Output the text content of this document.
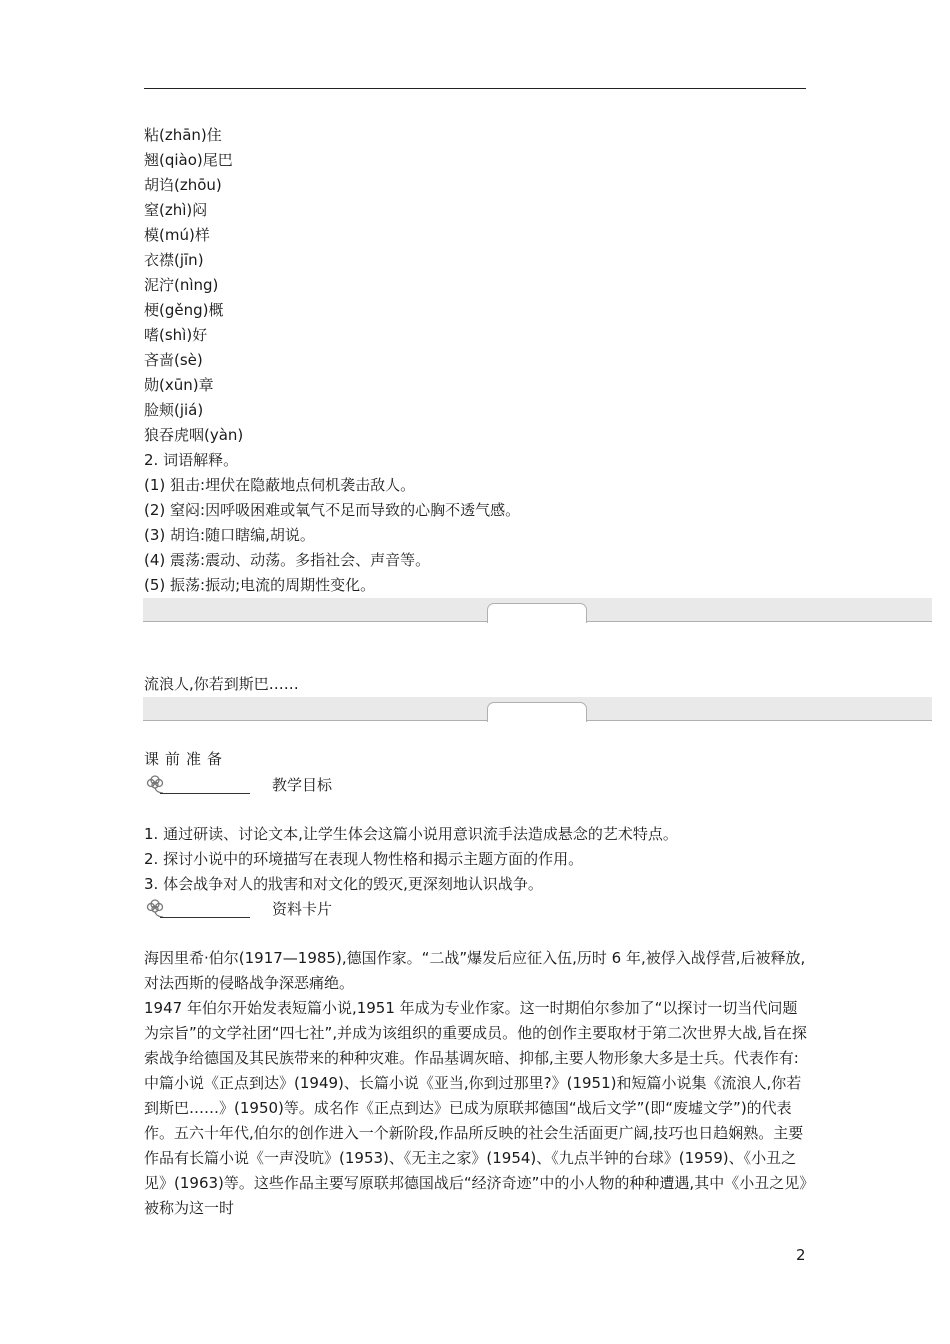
粘(zhān)住
翘(qiào)尾巴
胡诌(zhōu)
窒(zhì)闷
模(mú)样
衣襟(jīn)
泥泞(nìng)
梗(gěng)概
嗜(shì)好
吝啬(sè)
勋(xūn)章
脸颊(jiá)
狼吞虎咽(yàn)
2. 词语解释。
(1) 狙击:埋伏在隐蔽地点伺机袭击敌人。
(2) 窒闷:因呼吸困难或氧气不足而导致的心胸不透气感。
(3) 胡诌:随口瞎编,胡说。
(4) 震荡:震动、动荡。多指社会、声音等。
(5) 振荡:振动;电流的周期性变化。
流浪人,你若到斯巴……
课前准备
教学目标
1. 通过研读、讨论文本,让学生体会这篇小说用意识流手法造成悬念的艺术特点。
2. 探讨小说中的环境描写在表现人物性格和揭示主题方面的作用。
3. 体会战争对人的戕害和对文化的毁灭,更深刻地认识战争。
资料卡片
海因里希·伯尔(1917—1985),德国作家。“二战”爆发后应征入伍,历时 6 年,被俘入战俘营,后被释放,对法西斯的侵略战争深恶痛绝。
1947 年伯尔开始发表短篇小说,1951 年成为专业作家。这一时期伯尔参加了“以探讨一切当代问题为宗旨”的文学社团“四七社”,并成为该组织的重要成员。他的创作主要取材于第二次世界大战,旨在探索战争给德国及其民族带来的种种灾难。作品基调灰暗、抑郁,主要人物形象大多是士兵。代表作有:中篇小说《正点到达》(1949)、长篇小说《亚当,你到过那里?》(1951)和短篇小说集《流浪人,你若到斯巴……》(1950)等。成名作《正点到达》已成为原联邦德国“战后文学”(即“废墟文学”)的代表作。五六十年代,伯尔的创作进入一个新阶段,作品所反映的社会生活面更广阔,技巧也日趋娴熟。主要作品有长篇小说《一声没吭》(1953)、《无主之家》(1954)、《九点半钟的台球》(1959)、《小丑之见》(1963)等。这些作品主要写原联邦德国战后“经济奇迹”中的小人物的种种遭遇,其中《小丑之见》被称为这一时
2
